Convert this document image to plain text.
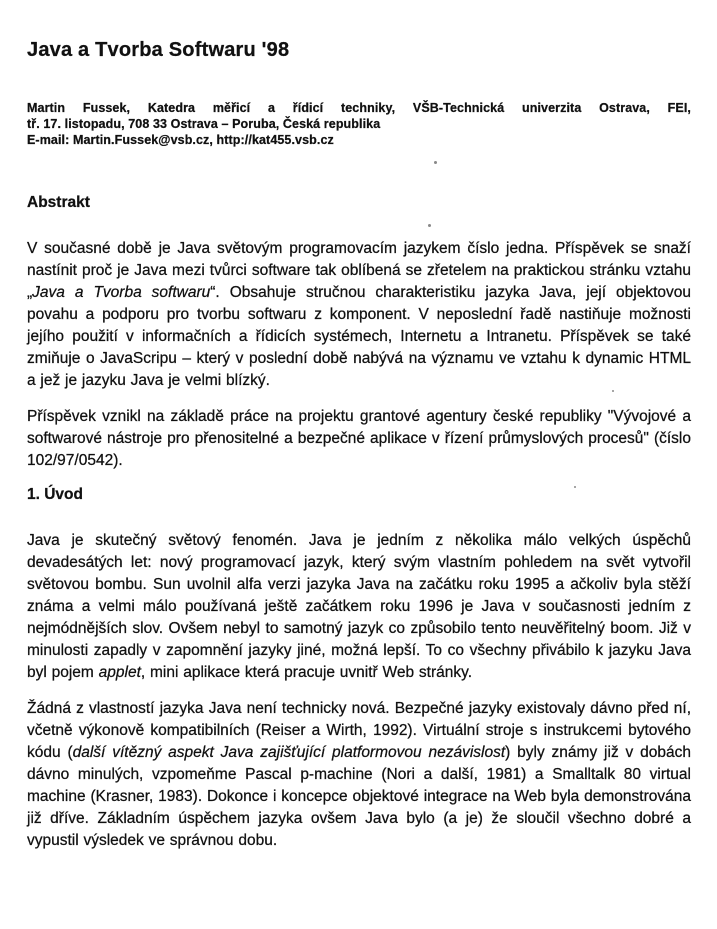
Java a Tvorba Softwaru '98
Martin Fussek, Katedra měřicí a řídicí techniky, VŠB-Technická univerzita Ostrava, FEI,
tř. 17. listopadu, 708 33 Ostrava – Poruba, Česká republika
E-mail: Martin.Fussek@vsb.cz, http://kat455.vsb.cz
Abstrakt

V současné době je Java světovým programovacím jazykem číslo jedna. Příspěvek se snaží nastínit proč je Java mezi tvůrci software tak oblíbená se zřetelem na praktickou stránku vztahu „Java a Tvorba softwaru“. Obsahuje stručnou charakteristiku jazyka Java, její objektovou povahu a podporu pro tvorbu softwaru z komponent. V neposlední řadě nastiňuje možnosti jejího použití v informačních a řídicích systémech, Internetu a Intranetu. Příspěvek se také zmiňuje o JavaScripu – který v poslední době nabývá na významu ve vztahu k dynamic HTML a jež je jazyku Java je velmi blízký.

Příspěvek vznikl na základě práce na projektu grantové agentury české republiky "Vývojové a softwarové nástroje pro přenositelné a bezpečné aplikace v řízení průmyslových procesů" (číslo 102/97/0542).

1. Úvod

Java je skutečný světový fenomén. Java je jedním z několika málo velkých úspěchů devadesátých let: nový programovací jazyk, který svým vlastním pohledem na svět vytvořil světovou bombu. Sun uvolnil alfa verzi jazyka Java na začátku roku 1995 a ačkoliv byla stěží známa a velmi málo používaná ještě začátkem roku 1996 je Java v současnosti jedním z nejmódnějších slov. Ovšem nebyl to samotný jazyk co způsobilo tento neuvěřitelný boom. Již v minulosti zapadly v zapomnění jazyky jiné, možná lepší. To co všechny přivábilo k jazyku Java byl pojem applet, mini aplikace která pracuje uvnitř Web stránky.

Žádná z vlastností jazyka Java není technicky nová. Bezpečné jazyky existovaly dávno před ní, včetně výkonově kompatibilních (Reiser a Wirth, 1992). Virtuální stroje s instrukcemi bytového kódu (další vítězný aspekt Java zajišťující platformovou nezávislost) byly známy již v dobách dávno minulých, vzpomeňme Pascal p-machine (Nori a další, 1981) a Smalltalk 80 virtual machine (Krasner, 1983). Dokonce i koncepce objektové integrace na Web byla demonstrována již dříve. Základním úspěchem jazyka ovšem Java bylo (a je) že sloučil všechno dobré a vypustil výsledek ve správnou dobu.
